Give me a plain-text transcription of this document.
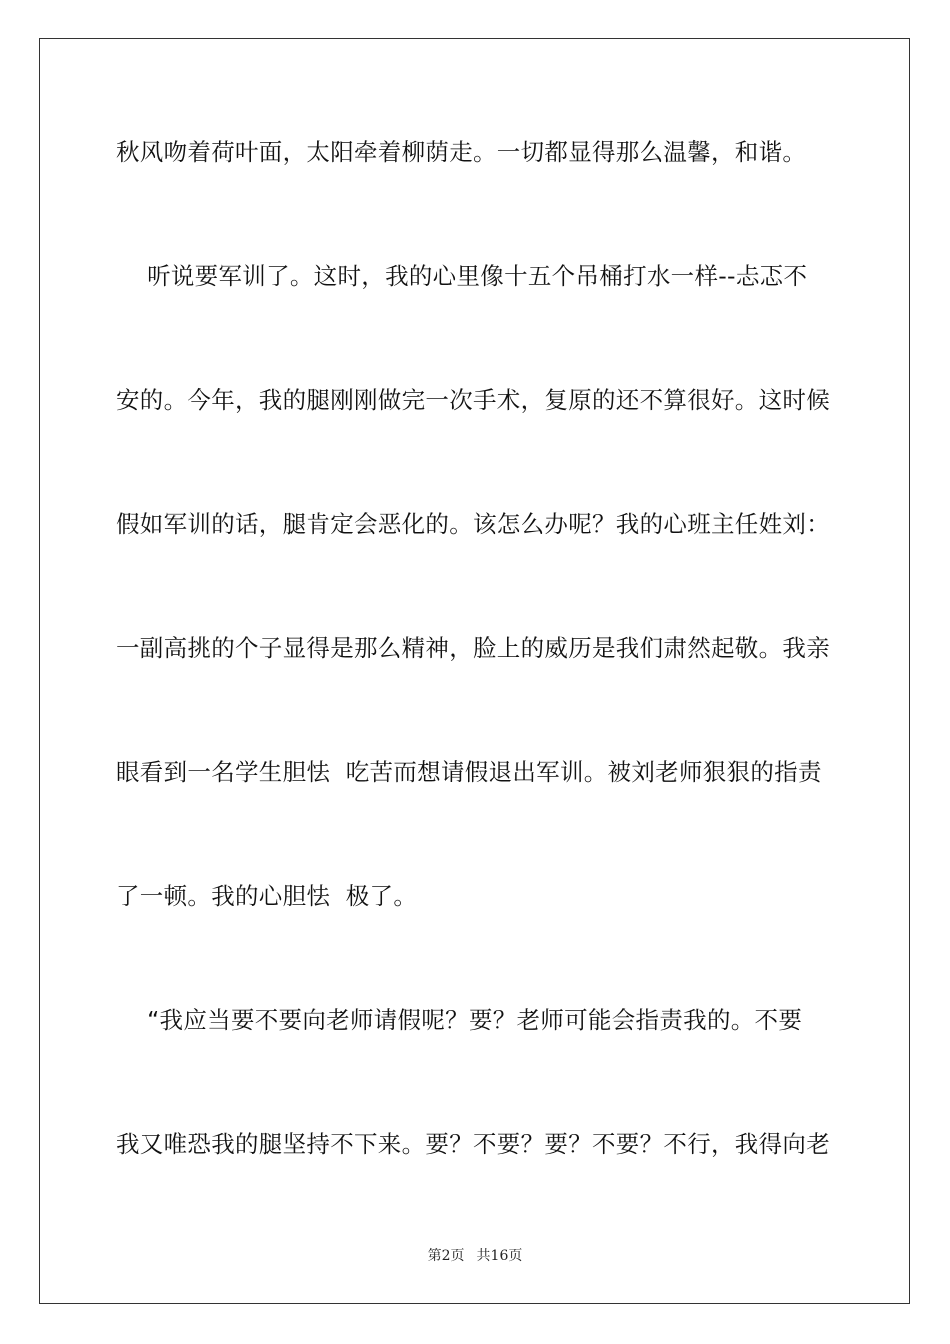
秋风吻着荷叶面，太阳牵着柳荫走。一切都显得那么温馨，和谐。
听说要军训了。这时，我的心里像十五个吊桶打水一样--忐忑不
安的。今年，我的腿刚刚做完一次手术，复原的还不算很好。这时候
假如军训的话，腿肯定会恶化的。该怎么办呢？我的心班主任姓刘：
一副高挑的个子显得是那么精神，脸上的威历是我们肃然起敬。我亲
眼看到一名学生胆怯  吃苦而想请假退出军训。被刘老师狠狠的指责
了一顿。我的心胆怯  极了。
“我应当要不要向老师请假呢？要？老师可能会指责我的。不要
我又唯恐我的腿坚持不下来。要？不要？要？不要？不行，我得向老
第2页 共16页
